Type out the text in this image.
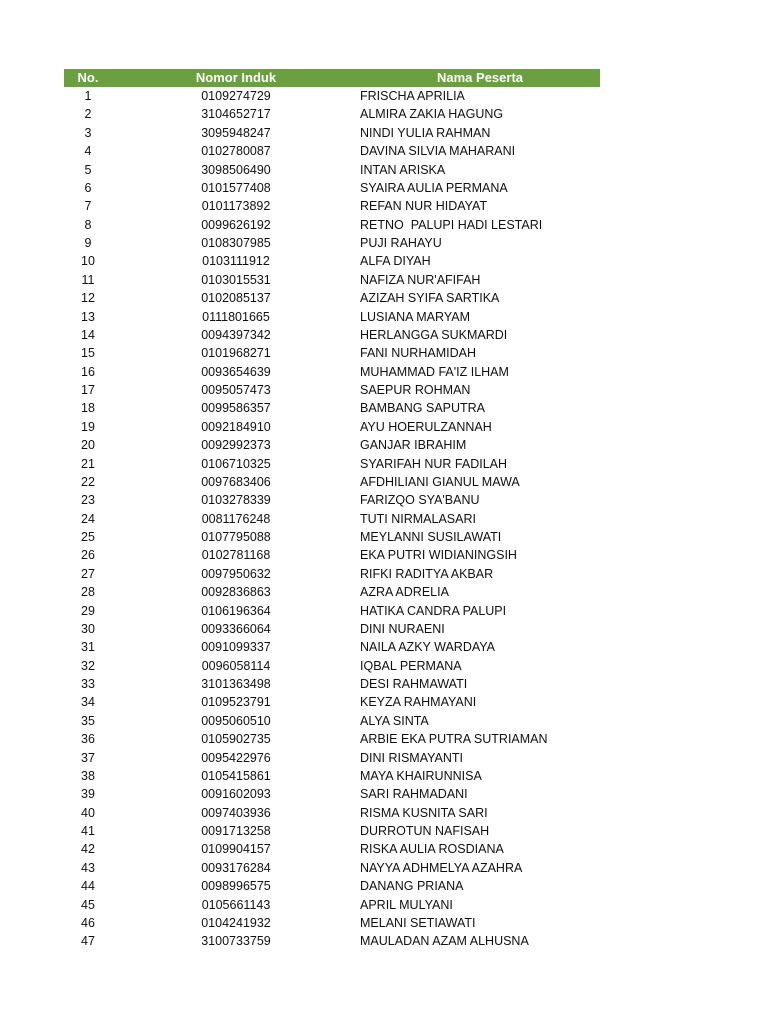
No.	Nomor Induk	Nama Peserta
1	0109274729	FRISCHA APRILIA
2	3104652717	ALMIRA ZAKIA HAGUNG
3	3095948247	NINDI YULIA RAHMAN
4	0102780087	DAVINA SILVIA MAHARANI
5	3098506490	INTAN ARISKA
6	0101577408	SYAIRA AULIA PERMANA
7	0101173892	REFAN NUR HIDAYAT
8	0099626192	RETNO  PALUPI HADI LESTARI
9	0108307985	PUJI RAHAYU
10	0103111912	ALFA DIYAH
11	0103015531	NAFIZA NUR'AFIFAH
12	0102085137	AZIZAH SYIFA SARTIKA
13	0111801665	LUSIANA MARYAM
14	0094397342	HERLANGGA SUKMARDI
15	0101968271	FANI NURHAMIDAH
16	0093654639	MUHAMMAD FA'IZ ILHAM
17	0095057473	SAEPUR ROHMAN
18	0099586357	BAMBANG SAPUTRA
19	0092184910	AYU HOERULZANNAH
20	0092992373	GANJAR IBRAHIM
21	0106710325	SYARIFAH NUR FADILAH
22	0097683406	AFDHILIANI GIANUL MAWA
23	0103278339	FARIZQO SYA'BANU
24	0081176248	TUTI NIRMALASARI
25	0107795088	MEYLANNI SUSILAWATI
26	0102781168	EKA PUTRI WIDIANINGSIH
27	0097950632	RIFKI RADITYA AKBAR
28	0092836863	AZRA ADRELIA
29	0106196364	HATIKA CANDRA PALUPI
30	0093366064	DINI NURAENI
31	0091099337	NAILA AZKY WARDAYA
32	0096058114	IQBAL PERMANA
33	3101363498	DESI RAHMAWATI
34	0109523791	KEYZA RAHMAYANI
35	0095060510	ALYA SINTA
36	0105902735	ARBIE EKA PUTRA SUTRIAMAN
37	0095422976	DINI RISMAYANTI
38	0105415861	MAYA KHAIRUNNISA
39	0091602093	SARI RAHMADANI
40	0097403936	RISMA KUSNITA SARI
41	0091713258	DURROTUN NAFISAH
42	0109904157	RISKA AULIA ROSDIANA
43	0093176284	NAYYA ADHMELYA AZAHRA
44	0098996575	DANANG PRIANA
45	0105661143	APRIL MULYANI
46	0104241932	MELANI SETIAWATI
47	3100733759	MAULADAN AZAM ALHUSNA
